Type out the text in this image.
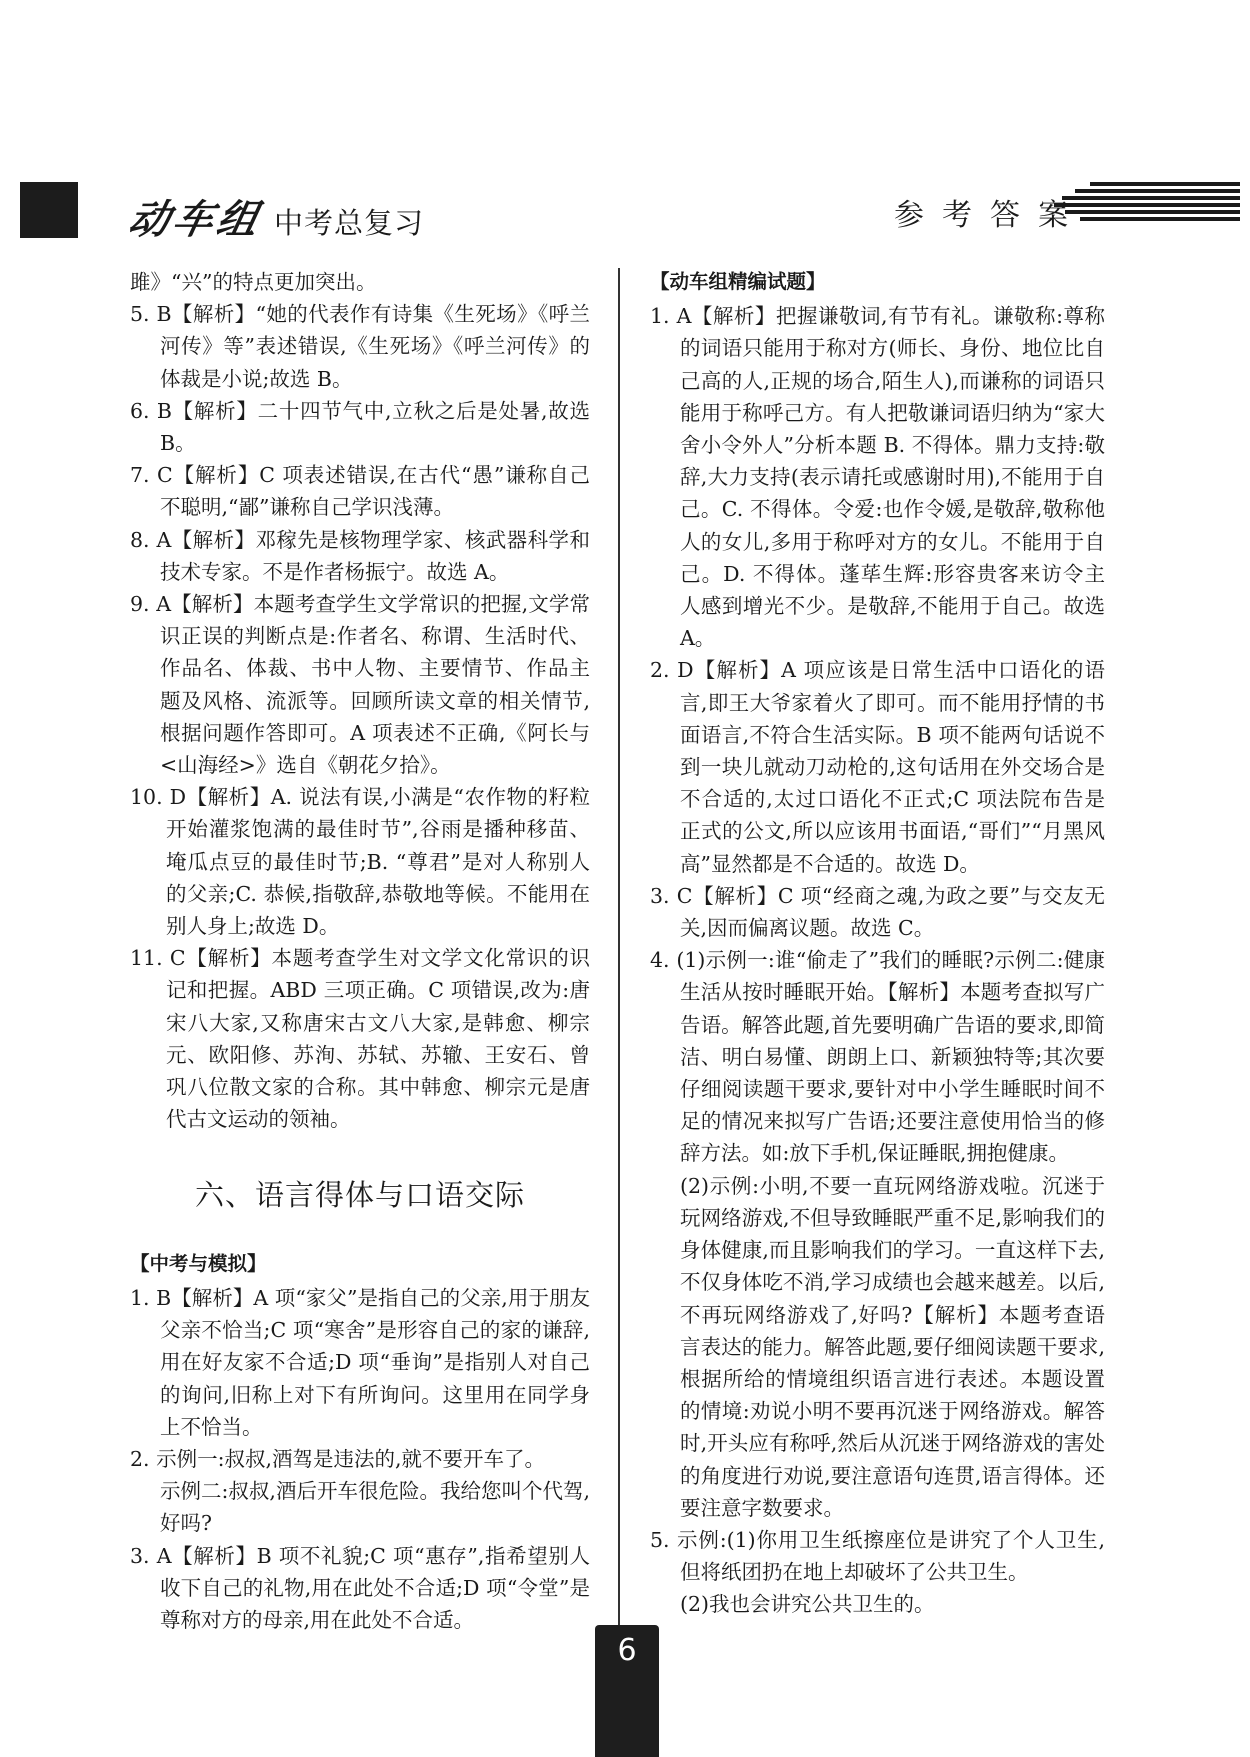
动车组 中考总复习	参考答案

雎》“兴”的特点更加突出。

5. B【解析】“她的代表作有诗集《生死场》《呼兰河传》等”表述错误,《生死场》《呼兰河传》的体裁是小说;故选 B。

6. B【解析】二十四节气中,立秋之后是处暑,故选 B。

7. C【解析】C 项表述错误,在古代“愚”谦称自己不聪明,“鄙”谦称自己学识浅薄。

8. A【解析】邓稼先是核物理学家、核武器科学和技术专家。不是作者杨振宁。故选 A。

9. A【解析】本题考查学生文学常识的把握,文学常识正误的判断点是:作者名、称谓、生活时代、作品名、体裁、书中人物、主要情节、作品主题及风格、流派等。回顾所读文章的相关情节,根据问题作答即可。A 项表述不正确,《阿长与<山海经>》选自《朝花夕拾》。

10. D【解析】A. 说法有误,小满是“农作物的籽粒开始灌浆饱满的最佳时节”,谷雨是播种移苗、埯瓜点豆的最佳时节;B. “尊君”是对人称别人的父亲;C. 恭候,指敬辞,恭敬地等候。不能用在别人身上;故选 D。

11. C【解析】本题考查学生对文学文化常识的识记和把握。ABD 三项正确。C 项错误,改为:唐宋八大家,又称唐宋古文八大家,是韩愈、柳宗元、欧阳修、苏洵、苏轼、苏辙、王安石、曾巩八位散文家的合称。其中韩愈、柳宗元是唐代古文运动的领袖。

六、语言得体与口语交际
【中考与模拟】

1. B【解析】A 项“家父”是指自己的父亲,用于朋友父亲不恰当;C 项“寒舍”是形容自己的家的谦辞,用在好友家不合适;D 项“垂询”是指别人对自己的询问,旧称上对下有所询问。这里用在同学身上不恰当。

2. 示例一:叔叔,酒驾是违法的,就不要开车了。

示例二:叔叔,酒后开车很危险。我给您叫个代驾,好吗?

3. A【解析】B 项不礼貌;C 项“惠存”,指希望别人收下自己的礼物,用在此处不合适;D 项“令堂”是尊称对方的母亲,用在此处不合适。

【动车组精编试题】

1. A【解析】把握谦敬词,有节有礼。谦敬称:尊称的词语只能用于称对方(师长、身份、地位比自己高的人,正规的场合,陌生人),而谦称的词语只能用于称呼己方。有人把敬谦词语归纳为“家大舍小令外人”分析本题 B. 不得体。鼎力支持:敬辞,大力支持(表示请托或感谢时用),不能用于自己。C. 不得体。令爱:也作令媛,是敬辞,敬称他人的女儿,多用于称呼对方的女儿。不能用于自己。D. 不得体。蓬荜生辉:形容贵客来访令主人感到增光不少。是敬辞,不能用于自己。故选 A。

2. D【解析】A 项应该是日常生活中口语化的语言,即王大爷家着火了即可。而不能用抒情的书面语言,不符合生活实际。B 项不能两句话说不到一块儿就动刀动枪的,这句话用在外交场合是不合适的,太过口语化不正式;C 项法院布告是正式的公文,所以应该用书面语,“哥们”“月黑风高”显然都是不合适的。故选 D。

3. C【解析】C 项“经商之魂,为政之要”与交友无关,因而偏离议题。故选 C。

4. (1)示例一:谁“偷走了”我们的睡眠?示例二:健康生活从按时睡眠开始。【解析】本题考查拟写广告语。解答此题,首先要明确广告语的要求,即简洁、明白易懂、朗朗上口、新颖独特等;其次要仔细阅读题干要求,要针对中小学生睡眠时间不足的情况来拟写广告语;还要注意使用恰当的修辞方法。如:放下手机,保证睡眠,拥抱健康。

(2)示例:小明,不要一直玩网络游戏啦。沉迷于玩网络游戏,不但导致睡眠严重不足,影响我们的身体健康,而且影响我们的学习。一直这样下去,不仅身体吃不消,学习成绩也会越来越差。以后,不再玩网络游戏了,好吗?【解析】本题考查语言表达的能力。解答此题,要仔细阅读题干要求,根据所给的情境组织语言进行表述。本题设置的情境:劝说小明不要再沉迷于网络游戏。解答时,开头应有称呼,然后从沉迷于网络游戏的害处的角度进行劝说,要注意语句连贯,语言得体。还要注意字数要求。

5. 示例:(1)你用卫生纸擦座位是讲究了个人卫生,但将纸团扔在地上却破坏了公共卫生。

(2)我也会讲究公共卫生的。

6
